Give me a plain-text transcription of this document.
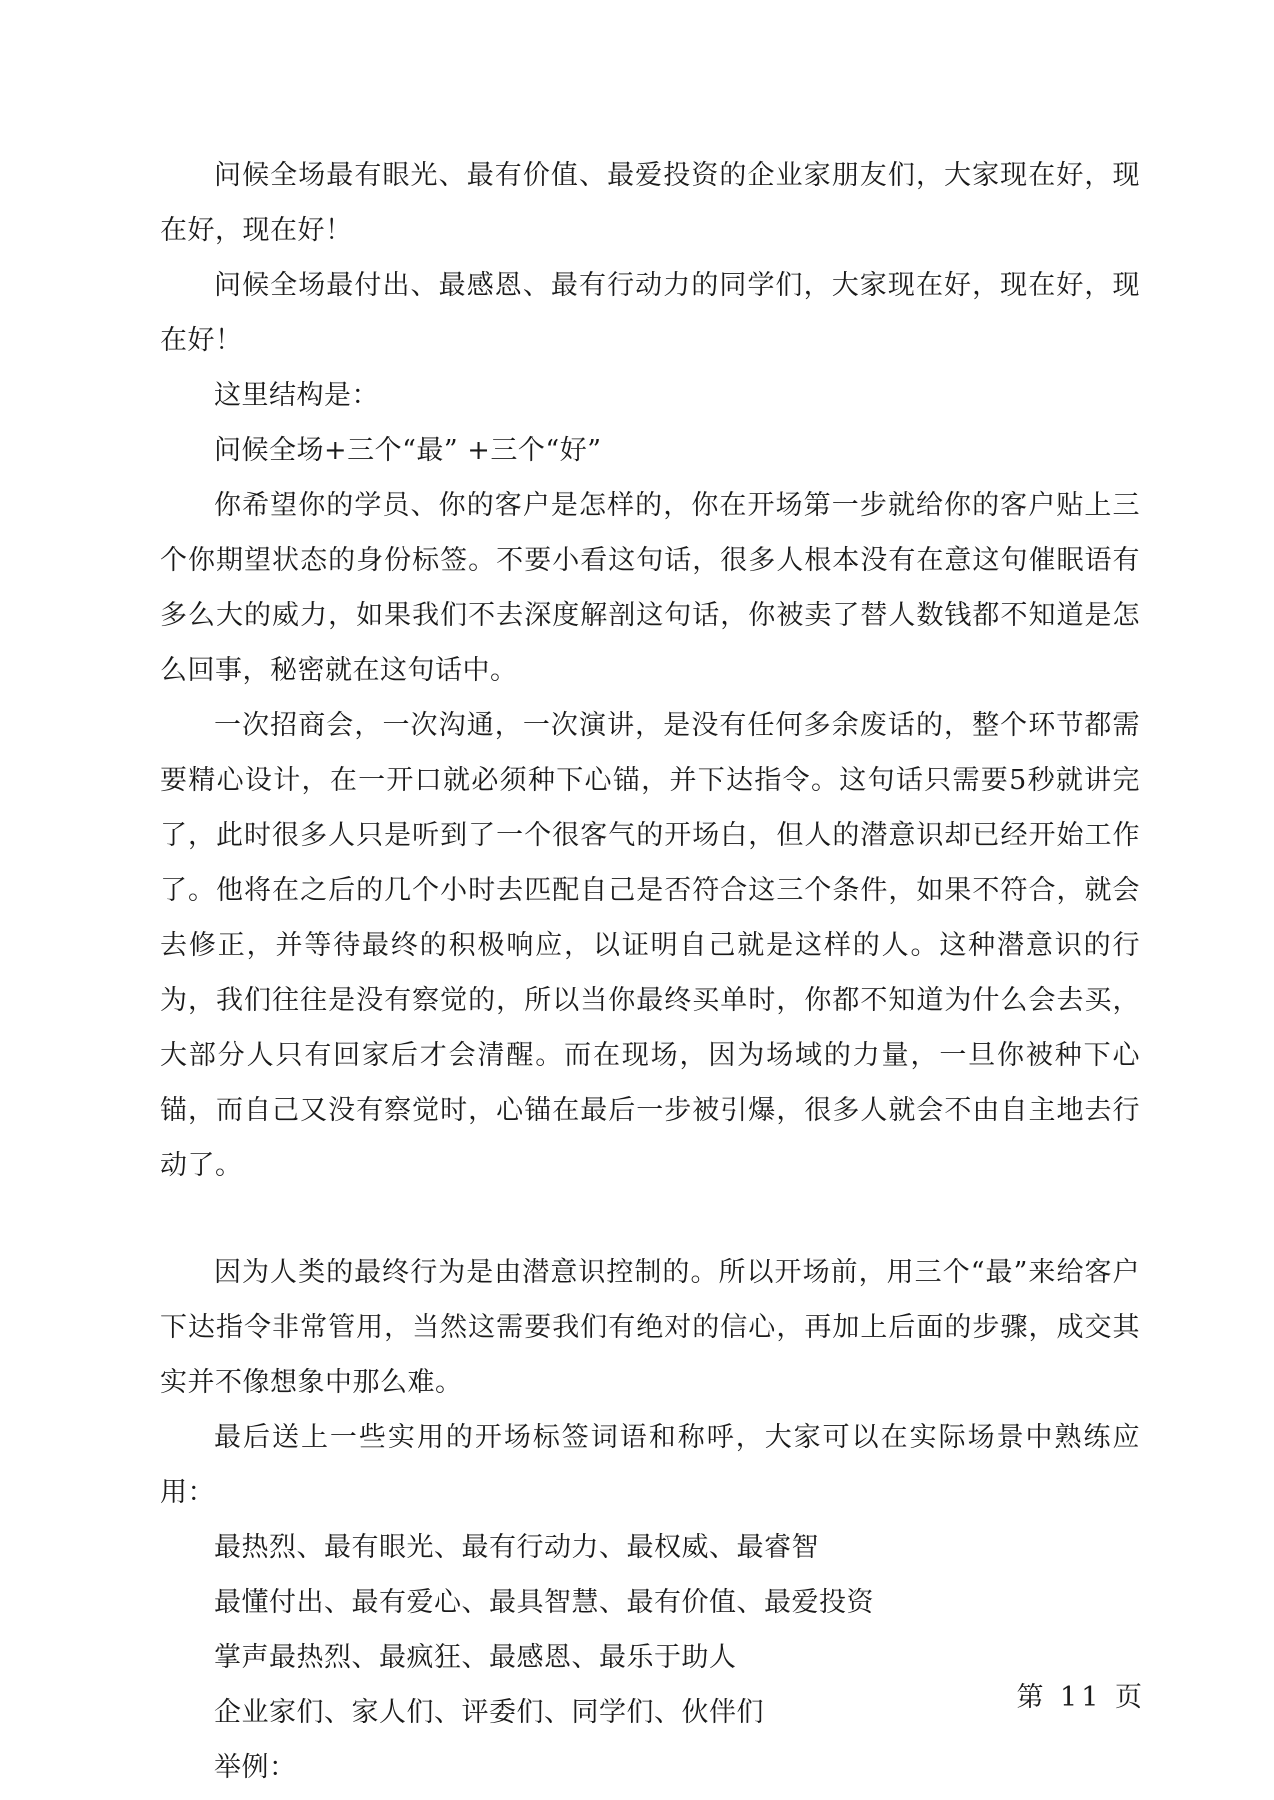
问候全场最有眼光、最有价值、最爱投资的企业家朋友们，大家现在好，现在好，现在好！

问候全场最付出、最感恩、最有行动力的同学们，大家现在好，现在好，现在好！

这里结构是：

问候全场+三个“最” +三个“好”

你希望你的学员、你的客户是怎样的，你在开场第一步就给你的客户贴上三个你期望状态的身份标签。不要小看这句话，很多人根本没有在意这句催眠语有多么大的威力，如果我们不去深度解剖这句话，你被卖了替人数钱都不知道是怎么回事，秘密就在这句话中。

一次招商会，一次沟通，一次演讲，是没有任何多余废话的，整个环节都需要精心设计，在一开口就必须种下心锚，并下达指令。这句话只需要5秒就讲完了，此时很多人只是听到了一个很客气的开场白，但人的潜意识却已经开始工作了。他将在之后的几个小时去匹配自己是否符合这三个条件，如果不符合，就会去修正，并等待最终的积极响应，以证明自己就是这样的人。这种潜意识的行为，我们往往是没有察觉的，所以当你最终买单时，你都不知道为什么会去买，大部分人只有回家后才会清醒。而在现场，因为场域的力量，一旦你被种下心锚，而自己又没有察觉时，心锚在最后一步被引爆，很多人就会不由自主地去行动了。

因为人类的最终行为是由潜意识控制的。所以开场前，用三个“最”来给客户下达指令非常管用，当然这需要我们有绝对的信心，再加上后面的步骤，成交其实并不像想象中那么难。

最后送上一些实用的开场标签词语和称呼，大家可以在实际场景中熟练应用：

最热烈、最有眼光、最有行动力、最权威、最睿智

最懂付出、最有爱心、最具智慧、最有价值、最爱投资

掌声最热烈、最疯狂、最感恩、最乐于助人

企业家们、家人们、评委们、同学们、伙伴们

举例：

第 11 页
